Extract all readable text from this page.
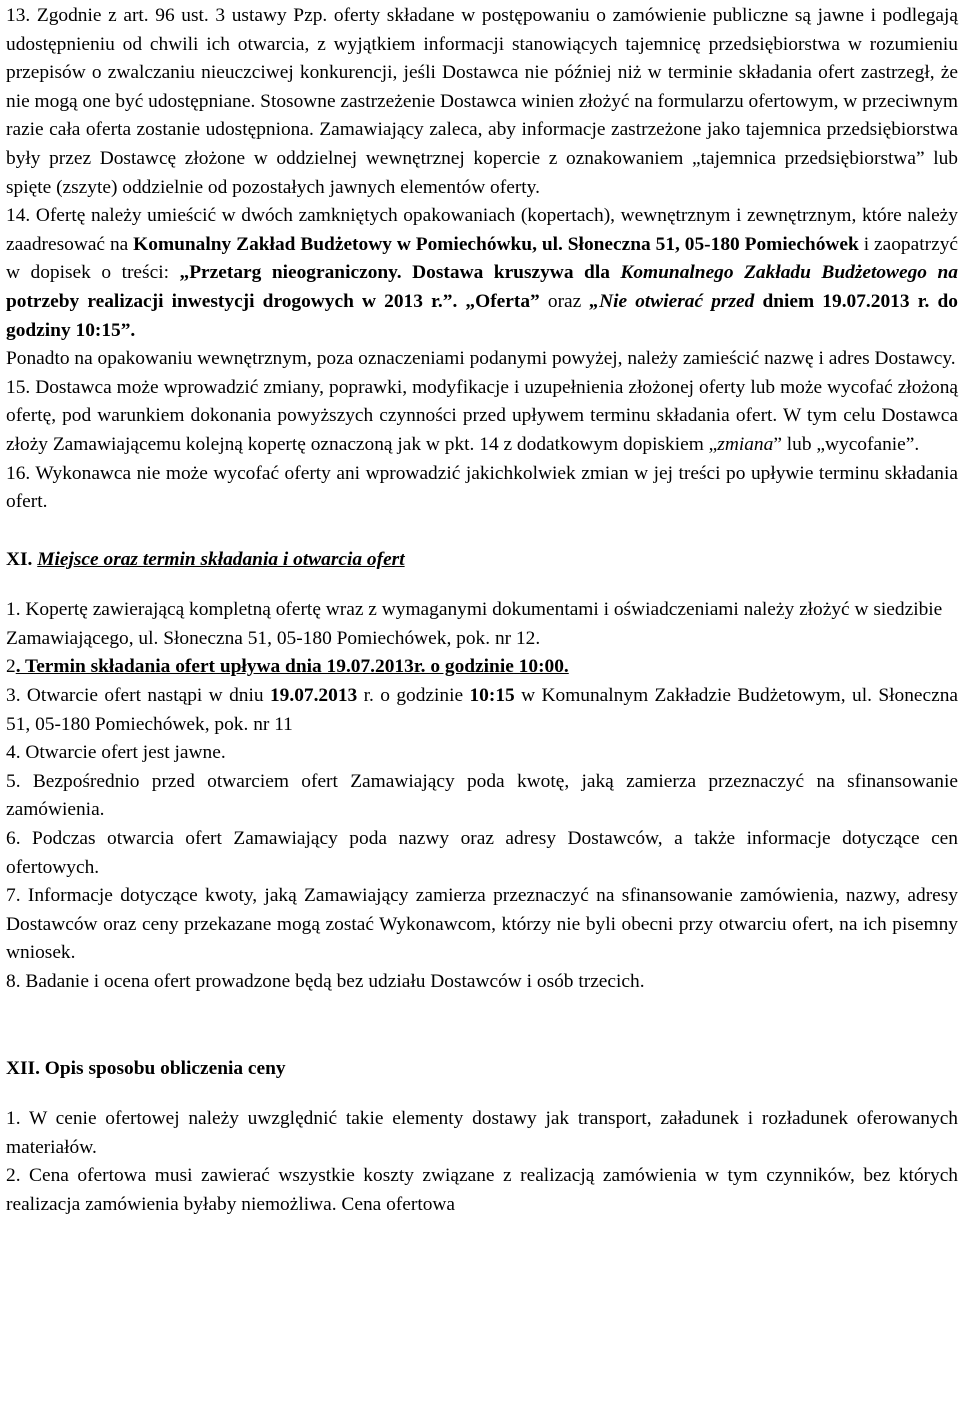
13. Zgodnie z art. 96 ust. 3 ustawy Pzp. oferty składane w postępowaniu o zamówienie publiczne są jawne i podlegają udostępnieniu od chwili ich otwarcia, z wyjątkiem informacji stanowiących tajemnicę przedsiębiorstwa w rozumieniu przepisów o zwalczaniu nieuczciwej konkurencji, jeśli Dostawca nie później niż w terminie składania ofert zastrzegł, że nie mogą one być udostępniane. Stosowne zastrzeżenie Dostawca winien złożyć na formularzu ofertowym, w przeciwnym razie cała oferta zostanie udostępniona. Zamawiający zaleca, aby informacje zastrzeżone jako tajemnica przedsiębiorstwa były przez Dostawcę złożone w oddzielnej wewnętrznej kopercie z oznakowaniem „tajemnica przedsiębiorstwa” lub spięte (zszyte) oddzielnie od pozostałych jawnych elementów oferty.

14. Ofertę należy umieścić w dwóch zamkniętych opakowaniach (kopertach), wewnętrznym i zewnętrznym, które należy zaadresować na Komunalny Zakład Budżetowy w Pomiechówku, ul. Słoneczna 51, 05-180 Pomiechówek i zaopatrzyć w dopisek o treści: „Przetarg nieograniczony. Dostawa kruszywa dla Komunalnego Zakładu Budżetowego na potrzeby realizacji inwestycji drogowych w 2013 r.”. „Oferta” oraz „Nie otwierać przed dniem 19.07.2013 r. do godziny 10:15”.

Ponadto na opakowaniu wewnętrznym, poza oznaczeniami podanymi powyżej, należy zamieścić nazwę i adres Dostawcy.

15. Dostawca może wprowadzić zmiany, poprawki, modyfikacje i uzupełnienia złożonej oferty lub może wycofać złożoną ofertę, pod warunkiem dokonania powyższych czynności przed upływem terminu składania ofert. W tym celu Dostawca złoży Zamawiającemu kolejną kopertę oznaczoną jak w pkt. 14 z dodatkowym dopiskiem „zmiana” lub „wycofanie”.

16. Wykonawca nie może wycofać oferty ani wprowadzić jakichkolwiek zmian w jej treści po upływie terminu składania ofert.

XI. Miejsce oraz termin składania i otwarcia ofert

1. Kopertę zawierającą kompletną ofertę wraz z wymaganymi dokumentami i oświadczeniami należy złożyć w siedzibie Zamawiającego, ul. Słoneczna 51, 05-180 Pomiechówek, pok. nr 12.

2. Termin składania ofert upływa dnia 19.07.2013r. o godzinie 10:00.

3. Otwarcie ofert nastąpi w dniu 19.07.2013 r. o godzinie 10:15 w Komunalnym Zakładzie Budżetowym, ul. Słoneczna 51, 05-180 Pomiechówek, pok. nr 11

4. Otwarcie ofert jest jawne.

5. Bezpośrednio przed otwarciem ofert Zamawiający poda kwotę, jaką zamierza przeznaczyć na sfinansowanie zamówienia.

6. Podczas otwarcia ofert Zamawiający poda nazwy oraz adresy Dostawców, a także informacje dotyczące cen ofertowych.

7. Informacje dotyczące kwoty, jaką Zamawiający zamierza przeznaczyć na sfinansowanie zamówienia, nazwy, adresy Dostawców oraz ceny przekazane mogą zostać Wykonawcom, którzy nie byli obecni przy otwarciu ofert, na ich pisemny wniosek.

8. Badanie i ocena ofert prowadzone będą bez udziału Dostawców i osób trzecich.

XII. Opis sposobu obliczenia ceny

1. W cenie ofertowej należy uwzględnić takie elementy dostawy jak transport, załadunek i rozładunek oferowanych materiałów.

2. Cena ofertowa musi zawierać wszystkie koszty związane z realizacją zamówienia w tym czynników, bez których realizacja zamówienia byłaby niemożliwa. Cena ofertowa
